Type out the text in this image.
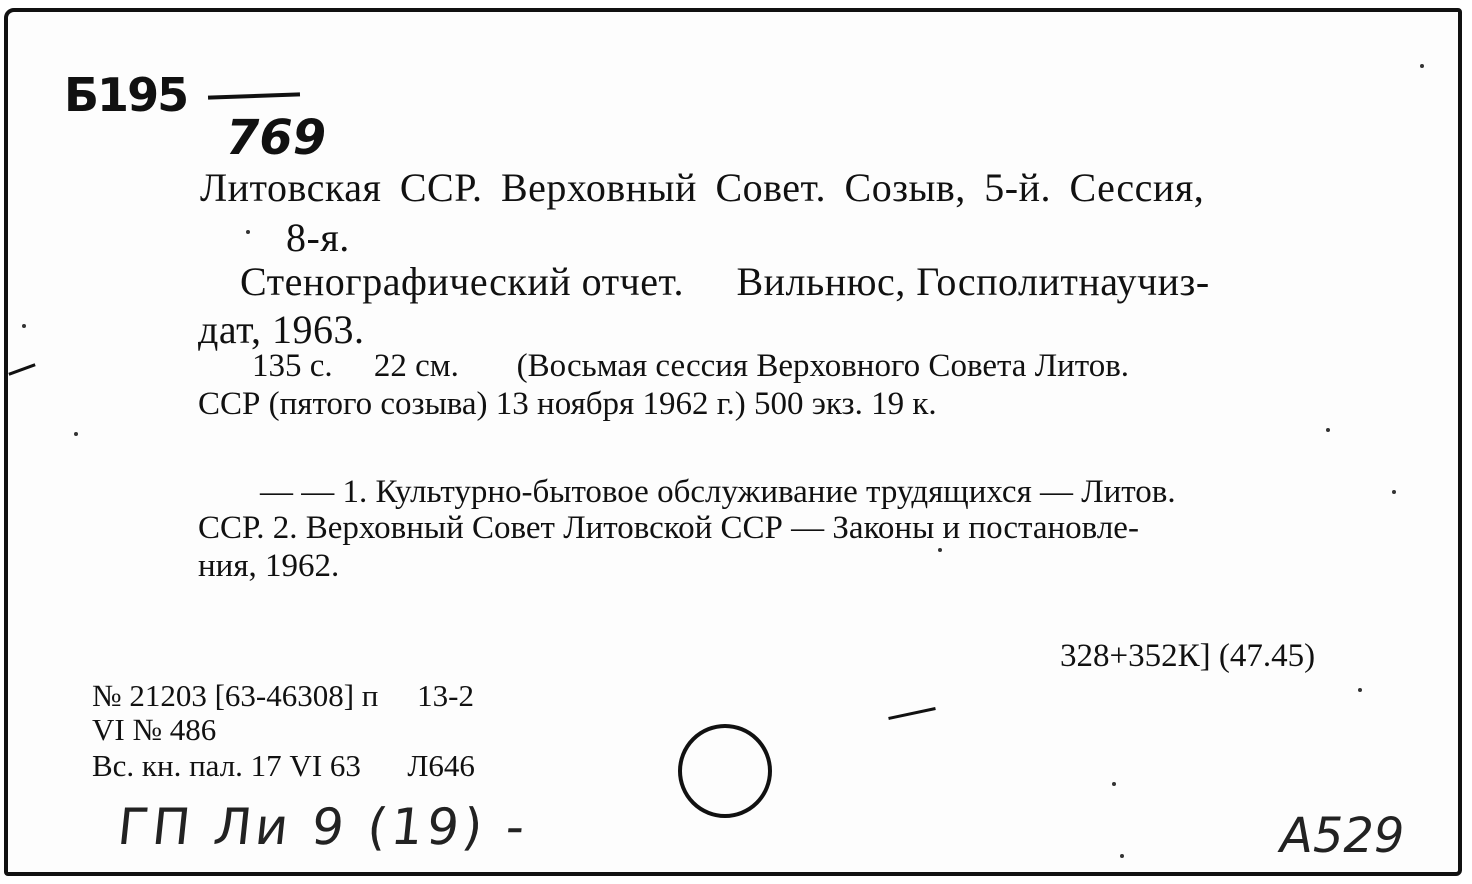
Б195
769
Литовская ССР. Верховный Совет. Созыв, 5-й. Сессия,
8-я.
Стенографический отчет.     Вильнюс, Госполитнаучиз-
дат, 1963.
135 с.     22 см.       (Восьмая сессия Верховного Совета Литов.
ССР (пятого созыва) 13 ноября 1962 г.) 500 экз. 19 к.
— — 1. Культурно-бытовое обслуживание трудящихся — Литов.
ССР. 2. Верховный Совет Литовской ССР — Законы и постановле-
ния, 1962.
328+352К] (47.45)
№ 21203 [63-46308] п     13-2
VI № 486
Вс. кн. пал. 17 VI 63      Л646
ГП Ли 9 (19) -	A529
